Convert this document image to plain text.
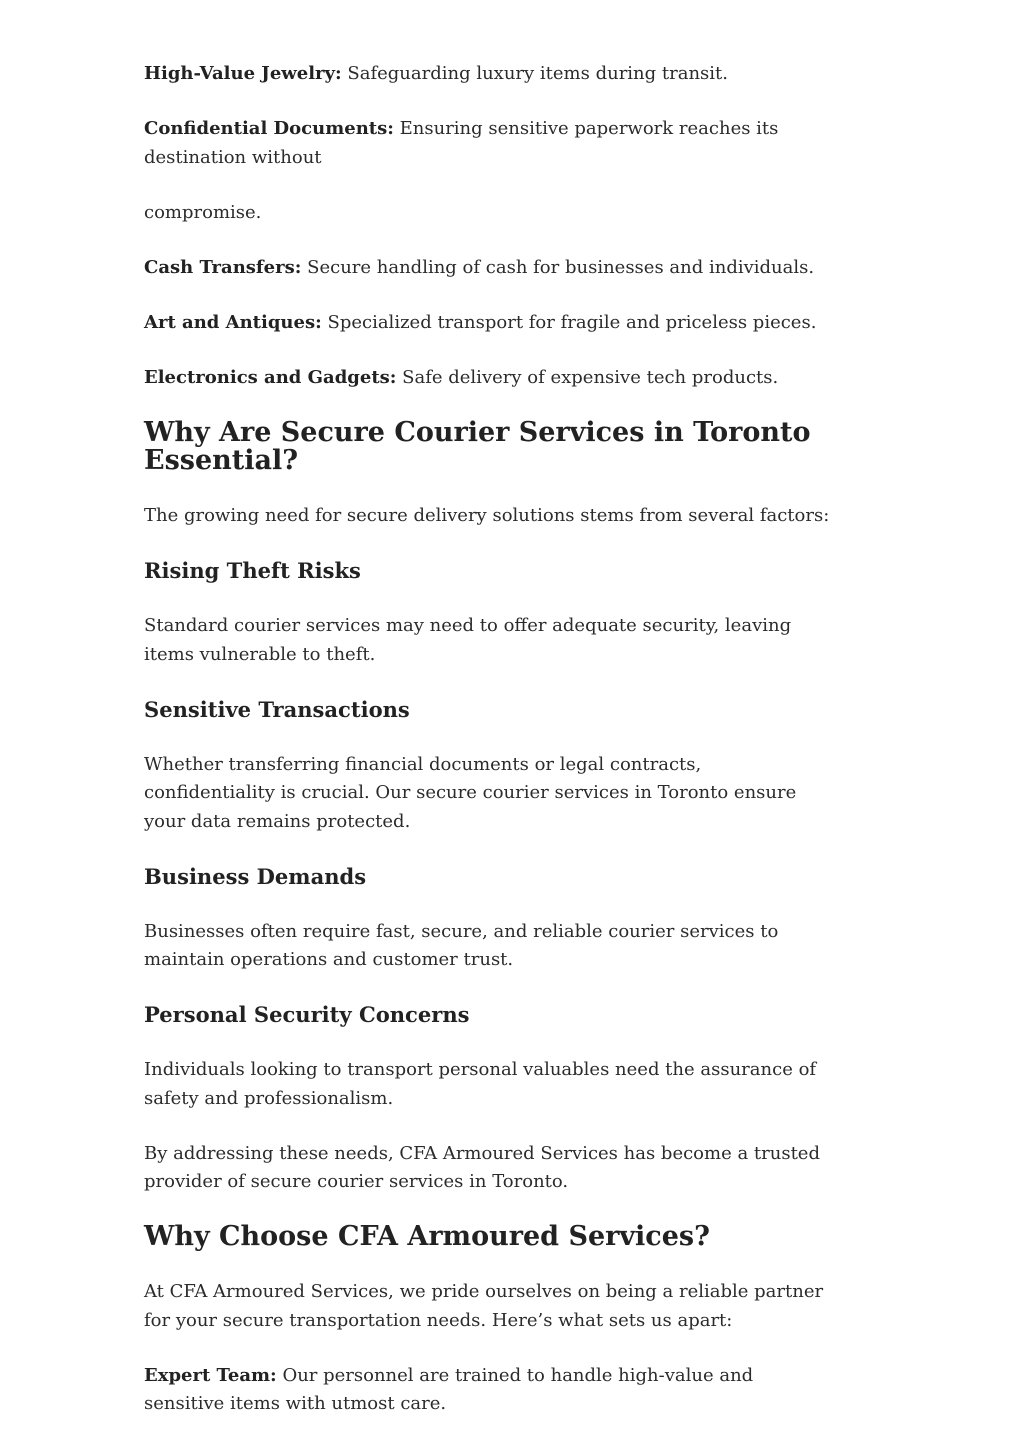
High-Value Jewelry: Safeguarding luxury items during transit.

Confidential Documents: Ensuring sensitive paperwork reaches its destination without

compromise.

Cash Transfers: Secure handling of cash for businesses and individuals.

Art and Antiques: Specialized transport for fragile and priceless pieces.

Electronics and Gadgets: Safe delivery of expensive tech products.

Why Are Secure Courier Services in Toronto Essential?

The growing need for secure delivery solutions stems from several factors:

Rising Theft Risks

Standard courier services may need to offer adequate security, leaving items vulnerable to theft.

Sensitive Transactions

Whether transferring financial documents or legal contracts, confidentiality is crucial. Our secure courier services in Toronto ensure your data remains protected.

Business Demands

Businesses often require fast, secure, and reliable courier services to maintain operations and customer trust.

Personal Security Concerns

Individuals looking to transport personal valuables need the assurance of safety and professionalism.

By addressing these needs, CFA Armoured Services has become a trusted provider of secure courier services in Toronto.

Why Choose CFA Armoured Services?

At CFA Armoured Services, we pride ourselves on being a reliable partner for your secure transportation needs. Here’s what sets us apart:

Expert Team: Our personnel are trained to handle high-value and sensitive items with utmost care.
